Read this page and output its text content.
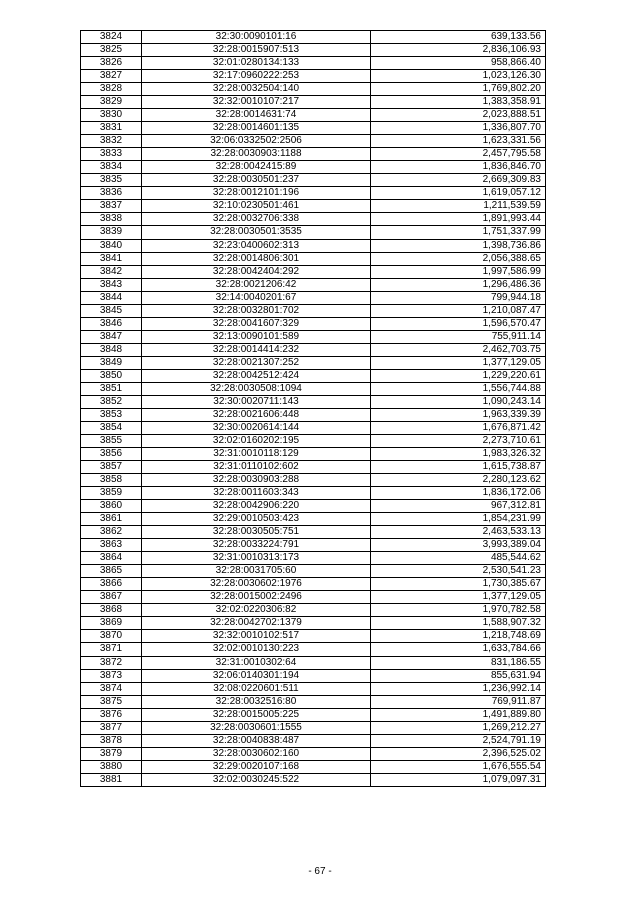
3824	32:30:0090101:16	639,133.56
3825	32:28:0015907:513	2,836,106.93
3826	32:01:0280134:133	958,866.40
3827	32:17:0960222:253	1,023,126.30
3828	32:28:0032504:140	1,769,802.20
3829	32:32:0010107:217	1,383,358.91
3830	32:28:0014631:74	2,023,888.51
3831	32:28:0014601:135	1,336,807.70
3832	32:06:0332502:2506	1,623,331.56
3833	32:28:0030903:1188	2,457,795.58
3834	32:28:0042415:89	1,836,846.70
3835	32:28:0030501:237	2,669,309.83
3836	32:28:0012101:196	1,619,057.12
3837	32:10:0230501:461	1,211,539.59
3838	32:28:0032706:338	1,891,993.44
3839	32:28:0030501:3535	1,751,337.99
3840	32:23:0400602:313	1,398,736.86
3841	32:28:0014806:301	2,056,388.65
3842	32:28:0042404:292	1,997,586.99
3843	32:28:0021206:42	1,296,486.36
3844	32:14:0040201:67	799,944.18
3845	32:28:0032801:702	1,210,087.47
3846	32:28:0041607:329	1,596,570.47
3847	32:13:0090101:589	755,911.14
3848	32:28:0014414:232	2,462,703.75
3849	32:28:0021307:252	1,377,129.05
3850	32:28:0042512:424	1,229,220.61
3851	32:28:0030508:1094	1,556,744.88
3852	32:30:0020711:143	1,090,243.14
3853	32:28:0021606:448	1,963,339.39
3854	32:30:0020614:144	1,676,871.42
3855	32:02:0160202:195	2,273,710.61
3856	32:31:0010118:129	1,983,326.32
3857	32:31:0110102:602	1,615,738.87
3858	32:28:0030903:288	2,280,123.62
3859	32:28:0011603:343	1,836,172.06
3860	32:28:0042906:220	967,312.81
3861	32:29:0010503:423	1,854,231.99
3862	32:28:0030505:751	2,463,533.13
3863	32:28:0033224:791	3,993,389.04
3864	32:31:0010313:173	485,544.62
3865	32:28:0031705:60	2,530,541.23
3866	32:28:0030602:1976	1,730,385.67
3867	32:28:0015002:2496	1,377,129.05
3868	32:02:0220306:82	1,970,782.58
3869	32:28:0042702:1379	1,588,907.32
3870	32:32:0010102:517	1,218,748.69
3871	32:02:0010130:223	1,633,784.66
3872	32:31:0010302:64	831,186.55
3873	32:06:0140301:194	855,631.94
3874	32:08:0220601:511	1,236,992.14
3875	32:28:0032516:80	769,911.87
3876	32:28:0015005:225	1,491,889.80
3877	32:28:0030601:1555	1,269,212.27
3878	32:28:0040838:487	2,524,791.19
3879	32:28:0030602:160	2,396,525.02
3880	32:29:0020107:168	1,676,555.54
3881	32:02:0030245:522	1,079,097.31
- 67 -
